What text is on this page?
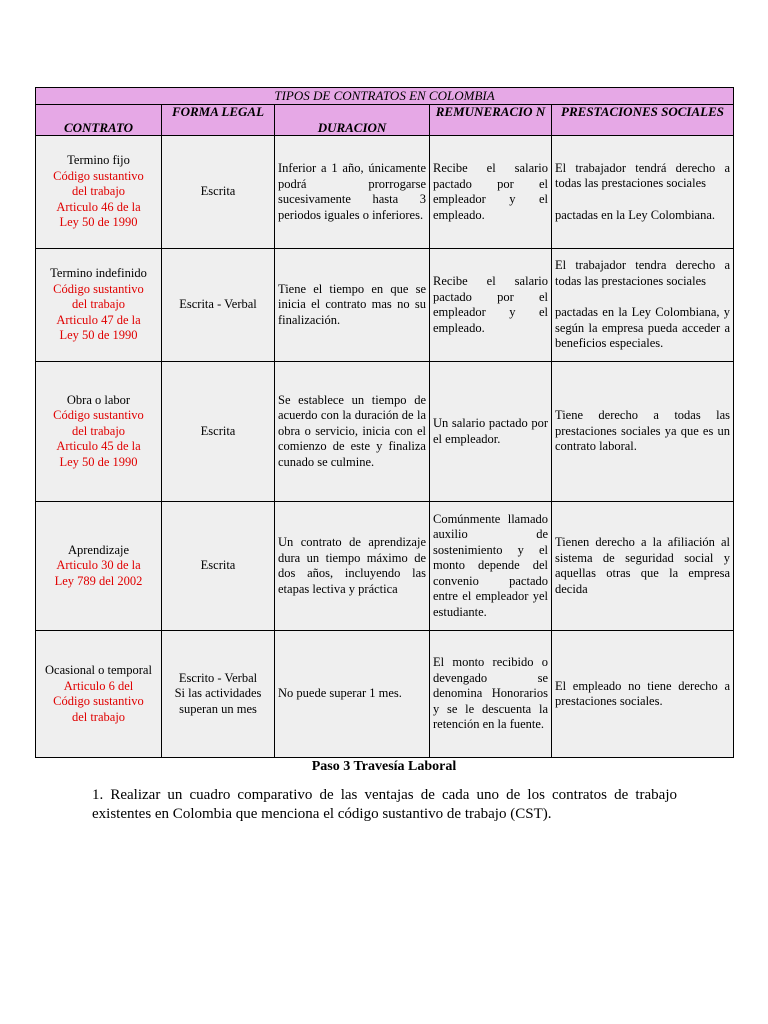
TIPOS DE CONTRATOS EN COLOMBIA				
CONTRATO	FORMA LEGAL	DURACION	REMUNERACIO N	PRESTACIONES SOCIALES

Termino fijo
Código sustantivo
del trabajo
Articulo 46 de la
Ley 50 de 1990	Escrita	Inferior a 1 año, únicamente podrá prorrogarse sucesivamente hasta 3 periodos iguales o inferiores.	Recibe el salario pactado por el empleador y el empleado.	El trabajador tendrá derecho a todas las prestaciones sociales
pactadas en la Ley Colombiana.

Termino indefinido
Código sustantivo
del trabajo
Articulo 47 de la
Ley 50 de 1990	Escrita - Verbal	Tiene el tiempo en que se inicia el contrato mas no su finalización.	Recibe el salario pactado por el empleador y el empleado.	El trabajador tendra derecho a todas las prestaciones sociales
pactadas en la Ley Colombiana, y según la empresa pueda acceder a beneficios especiales.

Obra o labor
Código sustantivo
del trabajo
Articulo 45 de la
Ley 50 de 1990	Escrita	Se establece un tiempo de acuerdo con la duración de la obra o servicio, inicia con el comienzo de este y finaliza cunado se culmine.	Un salario pactado por el empleador.	Tiene derecho a todas las prestaciones sociales ya que es un contrato laboral.

Aprendizaje
Articulo 30 de la
Ley 789 del 2002	Escrita	Un contrato de aprendizaje dura un tiempo máximo de dos años, incluyendo las etapas lectiva y práctica	Comúnmente llamado auxilio de sostenimiento y el monto depende del convenio pactado entre el empleador yel estudiante.	Tienen derecho a la afiliación al sistema de seguridad social y aquellas otras que la empresa decida

Ocasional o temporal
Articulo 6 del
Código sustantivo
del trabajo	Escrito - Verbal
Si las actividades
superan un mes	No puede superar 1 mes.	El monto recibido o devengado se denomina Honorarios y se le descuenta la retención en la fuente.	El empleado no tiene derecho a prestaciones sociales.
Paso 3 Travesía Laboral
1. Realizar un cuadro comparativo de las ventajas de cada uno de los contratos de trabajo existentes en Colombia que menciona el código sustantivo de trabajo (CST).
